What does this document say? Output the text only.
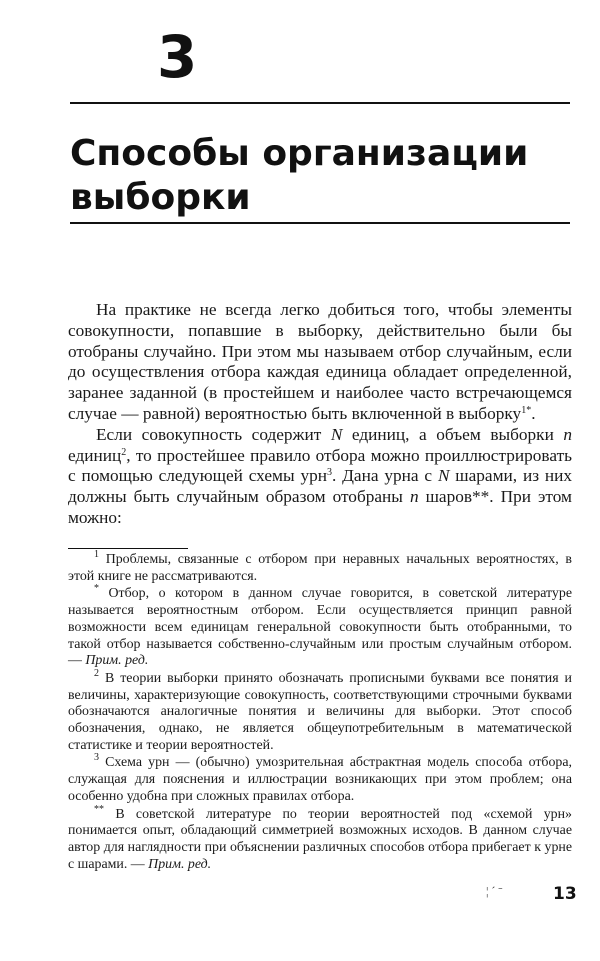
3
Способы организации
выборки

На практике не всегда легко добиться того, чтобы элементы совокупности, попавшие в выборку, действительно были бы отобраны случайно. При этом мы называем отбор случайным, если до осуществления отбора каждая единица обладает определенной, заранее заданной (в простейшем и наиболее часто встречающемся случае — равной) вероятностью быть включенной в выборку$^{1*}$.

Если совокупность содержит N единиц, а объем выборки n единиц$^2$, то простейшее правило отбора можно проиллюстрировать с помощью следующей схемы урн$^3$. Дана урна с N шарами, из них должны быть случайным образом отобраны n шаров**. При этом можно:

$^1$ Проблемы, связанные с отбором при неравных начальных вероятностях, в этой книге не рассматриваются.

* Отбор, о котором в данном случае говорится, в советской литературе называется вероятностным отбором. Если осуществляется принцип равной возможности всем единицам генеральной совокупности быть отобранными, то такой отбор называется собственно-случайным или простым случайным отбором. — Прим. ред.

$^2$ В теории выборки принято обозначать прописными буквами все понятия и величины, характеризующие совокупность, соответствующими строчными буквами обозначаются аналогичные понятия и величины для выборки. Этот способ обозначения, однако, не является общеупотребительным в математической статистике и теории вероятностей.

$^3$ Схема урн — (обычно) умозрительная абстрактная модель способа отбора, служащая для пояснения и иллюстрации возникающих при этом проблем; она особенно удобна при сложных правилах отбора.

** В советской литературе по теории вероятностей под «схемой урн» понимается опыт, обладающий симметрией возможных исходов. В данном случае автор для наглядности при объяснении различных способов отбора прибегает к урне с шарами. — Прим. ред.

¦ ˊ ˉ	13
